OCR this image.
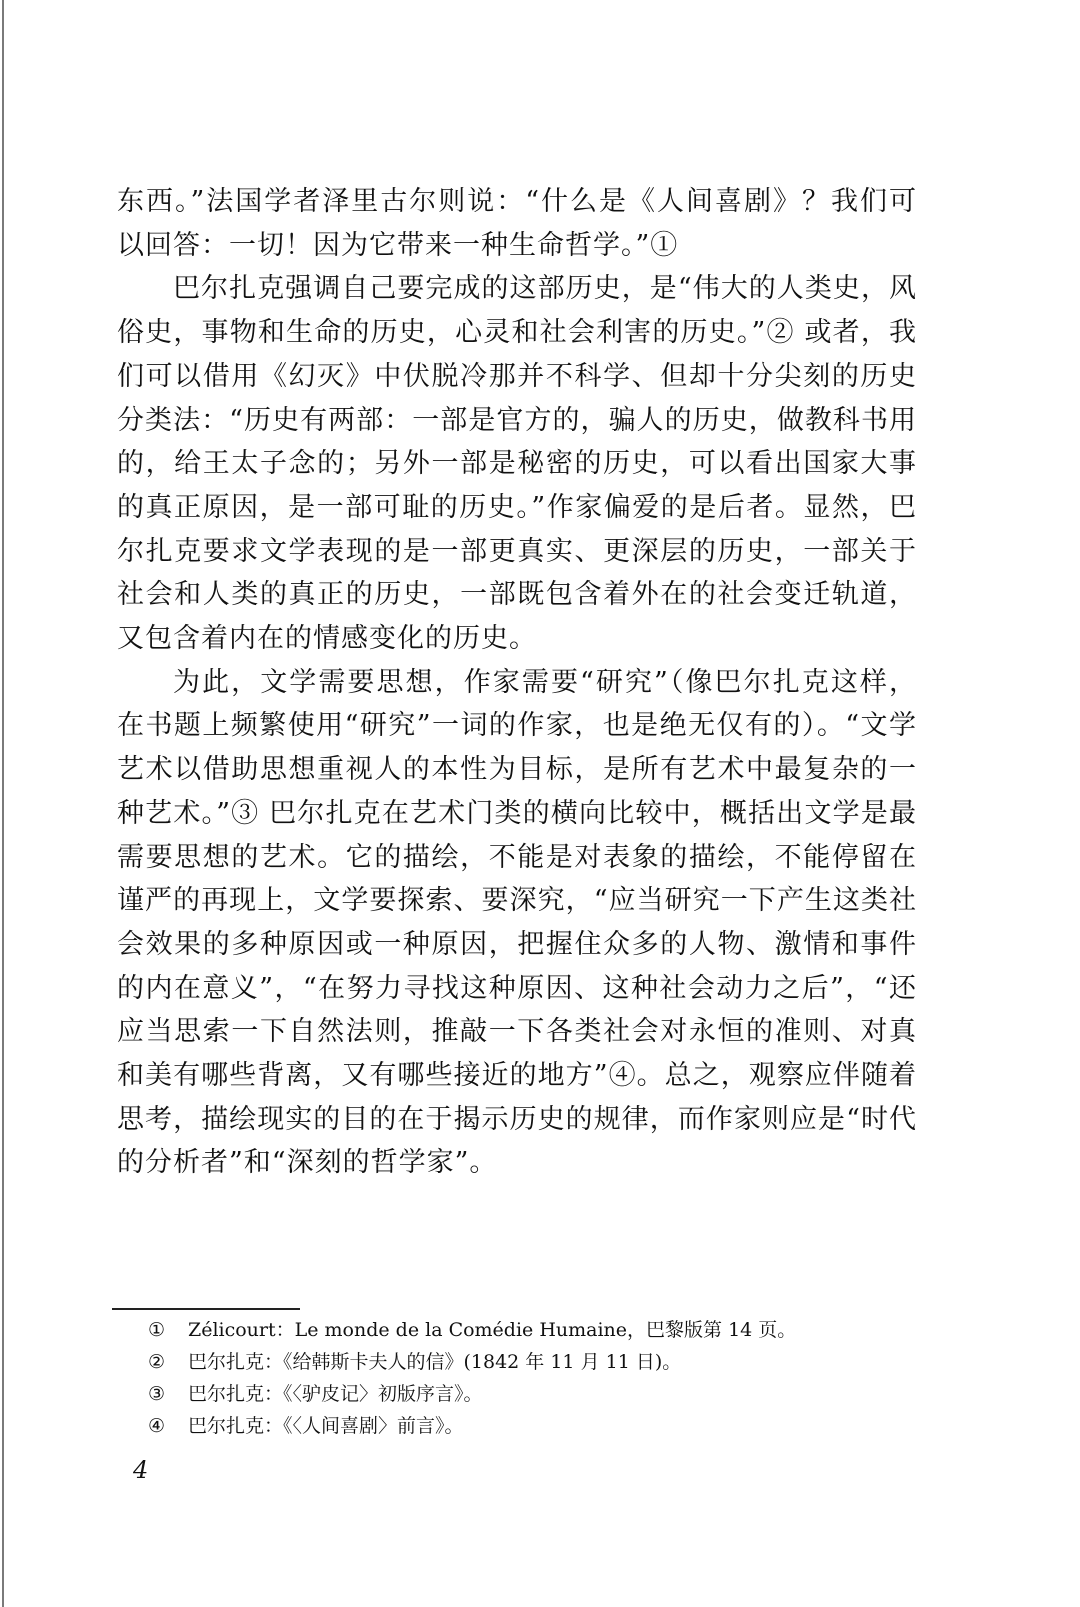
东西。”法国学者泽里古尔则说：“什么是《人间喜剧》？我们可以回答：一切！因为它带来一种生命哲学。”①

巴尔扎克强调自己要完成的这部历史，是“伟大的人类史，风俗史，事物和生命的历史，心灵和社会利害的历史。”② 或者，我们可以借用《幻灭》中伏脱冷那并不科学、但却十分尖刻的历史分类法：“历史有两部：一部是官方的，骗人的历史，做教科书用的，给王太子念的；另外一部是秘密的历史，可以看出国家大事的真正原因，是一部可耻的历史。”作家偏爱的是后者。显然，巴尔扎克要求文学表现的是一部更真实、更深层的历史，一部关于社会和人类的真正的历史，一部既包含着外在的社会变迁轨道，又包含着内在的情感变化的历史。

为此，文学需要思想，作家需要“研究”（像巴尔扎克这样，在书题上频繁使用“研究”一词的作家，也是绝无仅有的）。“文学艺术以借助思想重视人的本性为目标，是所有艺术中最复杂的一种艺术。”③ 巴尔扎克在艺术门类的横向比较中，概括出文学是最需要思想的艺术。它的描绘，不能是对表象的描绘，不能停留在谨严的再现上，文学要探索、要深究，“应当研究一下产生这类社会效果的多种原因或一种原因，把握住众多的人物、激情和事件的内在意义”，“在努力寻找这种原因、这种社会动力之后”，“还应当思索一下自然法则，推敲一下各类社会对永恒的准则、对真和美有哪些背离，又有哪些接近的地方”④。总之，观察应伴随着思考，描绘现实的目的在于揭示历史的规律，而作家则应是“时代的分析者”和“深刻的哲学家”。

①	Zélicourt：Le monde de la Comédie Humaine，巴黎版第 14 页。
②	巴尔扎克：《给韩斯卡夫人的信》(1842 年 11 月 11 日)。
③	巴尔扎克：《〈驴皮记〉初版序言》。
④	巴尔扎克：《〈人间喜剧〉前言》。
4
